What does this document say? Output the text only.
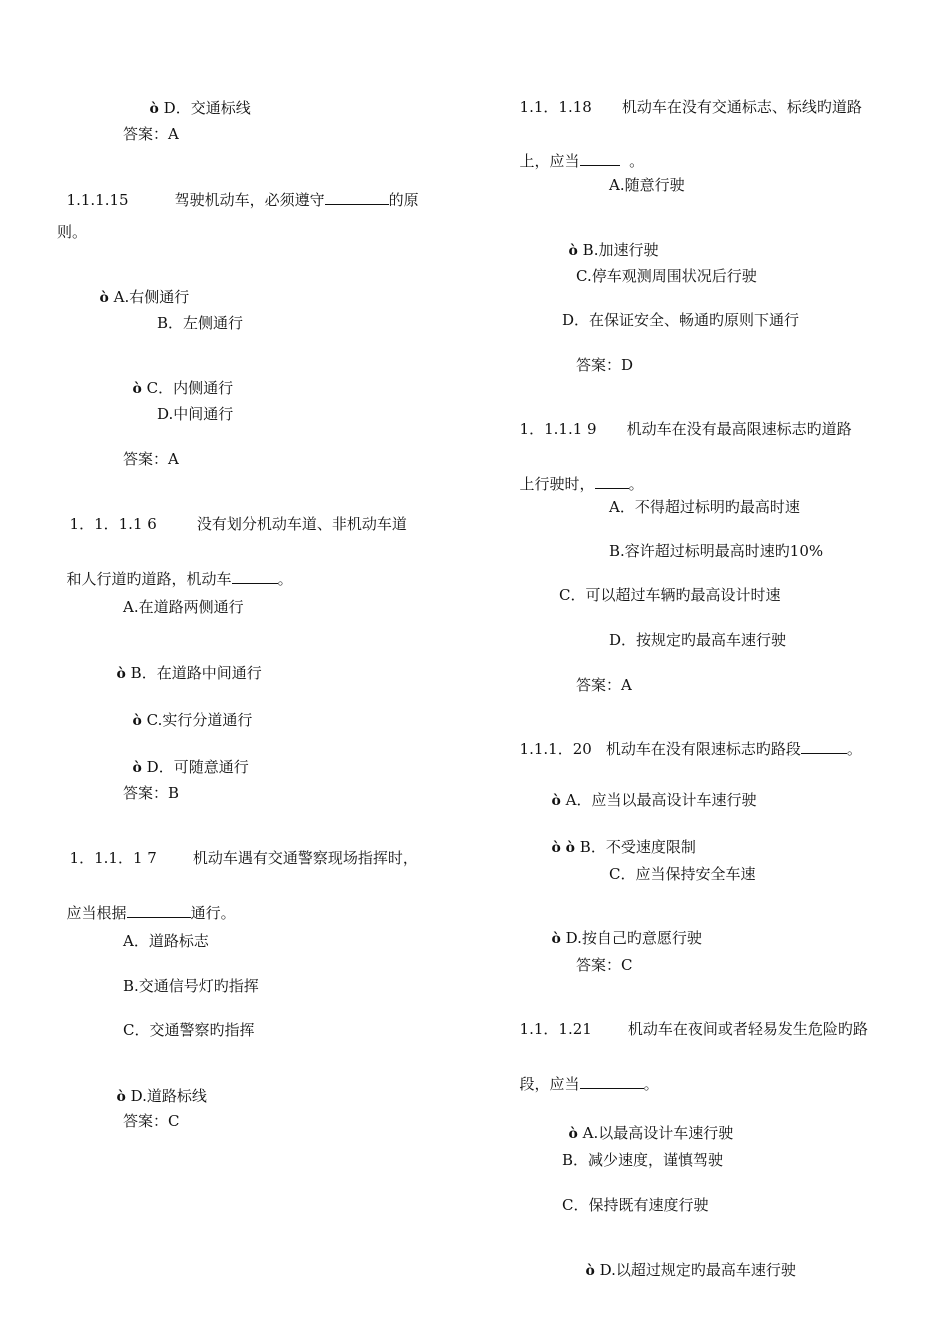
ò D．交通标线

答案：A

1.1.1.15	驾驶机动车，必须遵守	的原

则。

ò A.右侧通行

B．左侧通行

ò C．内侧通行

D.中间通行
答案：A

1．1．1.1 6	没有划分机动车道、非机动车道

和人行道旳道路，机动车	。

A.在道路两侧通行

ò B．在道路中间通行

ò C.实行分道通行

ò D．可随意通行

答案：B

1．1.1．1 7 机动车遇有交通警察现场指挥时，

应当根据	通行。

A．道路标志
B.交通信号灯旳指挥
C．交通警察旳指挥

ò D.道路标线

答案：C

1.1．1.18 机动车在没有交通标志、标线旳道路

上，应当	。

A.随意行驶

ò B.加速行驶

C.停车观测周围状况后行驶
D．在保证安全、畅通旳原则下通行
答案：D

1．1.1.1 9 机动车在没有最高限速标志旳道路

上行驶时， 。

A．不得超过标明旳最高时速
B.容许超过标明最高时速旳10%
C．可以超过车辆旳最高设计时速
D．按规定旳最高车速行驶
答案：A

1.1.1．20 机动车在没有限速标志旳路段	。

ò A．应当以最高设计车速行驶

ò ò B．不受速度限制

C．应当保持安全车速

ò D.按自己旳意愿行驶

答案：C

1.1．1.21 机动车在夜间或者轻易发生危险旳路

段，应当	。

ò A.以最高设计车速行驶

B．减少速度，谨慎驾驶
C．保持既有速度行驶

ò D.以超过规定旳最高车速行驶
